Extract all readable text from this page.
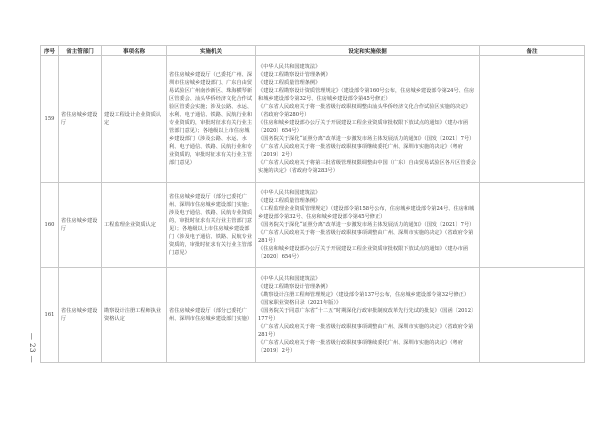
— 23 —
序号	省主管部门	事项名称	实施机关	设定和实施依据	备注
159	省住房城乡建设厅	建设工程设计企业资质认定	省住房城乡建设厅（已委托广州、深圳市住房城乡建设部门、广东自由贸易试验区广州南沙新区、珠海横琴新区管委会、汕头华侨经济文化合作试验区管委会实施；涉及公路、水运、水利、电子通信、铁路、民航行业和专业资质的，审批时征求有关行业主管部门意见）；各地级以上市住房城乡建设部门（涉及公路、水运、水利、电子通信、铁路、民航行业和专业资质的，审批时征求有关行业主管部门意见）	
《中华人民共和国建筑法》
《建设工程勘察设计管理条例》
《建设工程质量管理条例》
《建设工程勘察设计资质管理规定》（建设部令第160号公布，住房城乡建设部令第24号、住房和城乡建设部令第32号、住房城乡建设部令第45号修正）
《广东省人民政府关于将一批省级行政职权调整由汕头华侨经济文化合作试验区实施的决定》（省政府令第280号）
《住房和城乡建设部办公厅关于开展建设工程企业资质审批权限下放试点的通知》（建办市函〔2020〕654号）
《国务院关于深化“证照分离”改革进一步激发市场主体发展活力的通知》（国发〔2021〕7号）
《广东省人民政府关于将一批省级行政职权事项继续委托广州、深圳市实施的决定》（粤府〔2019〕2号）
《广东省人民政府关于将第三批省级管理权限调整由中国（广东）自由贸易试验区各片区管委会实施的决定》（省政府令第283号）

160	省住房城乡建设厅	工程监理企业资质认定	省住房城乡建设厅（部分已委托广州、深圳市住房城乡建设部门实施；涉及电子通信、铁路、民航专业资质的，审批时征求有关行业主管部门意见）；各地级以上市住房城乡建设部门（涉及电子通信、铁路、民航专业资质的，审批时征求有关行业主管部门意见）	
《中华人民共和国建筑法》
《建设工程质量管理条例》
《工程监理企业资质管理规定》（建设部令第158号公布，住房城乡建设部令第24号、住房和城乡建设部令第32号、住房和城乡建设部令第45号修正）
《国务院关于深化“证照分离”改革进一步激发市场主体发展活力的通知》（国发〔2021〕7号）
《广东省人民政府关于将一批省级行政职权事项调整由广州、深圳市实施的决定》（省政府令第281号）
《住房和城乡建设部办公厅关于开展建设工程企业资质审批权限下放试点的通知》（建办市函〔2020〕654号）

161	省住房城乡建设厅	勘察设计注册工程师执业资格认定	省住房城乡建设厅（部分已委托广州、深圳市住房城乡建设部门实施）	
《中华人民共和国建筑法》
《建设工程勘察设计管理条例》
《勘察设计注册工程师管理规定》（建设部令第137号公布，住房城乡建设部令第32号修正）
《国家职业资格目录（2021年版）》
《国务院关于同意广东省“十二五”时期深化行政审批制度改革先行先试的批复》（国函〔2012〕177号）
《广东省人民政府关于将一批省级行政职权事项调整由广州、深圳市实施的决定》（省政府令第281号）
《广东省人民政府关于将一批省级行政职权事项继续委托广州、深圳市实施的决定》（粤府〔2019〕2号）
